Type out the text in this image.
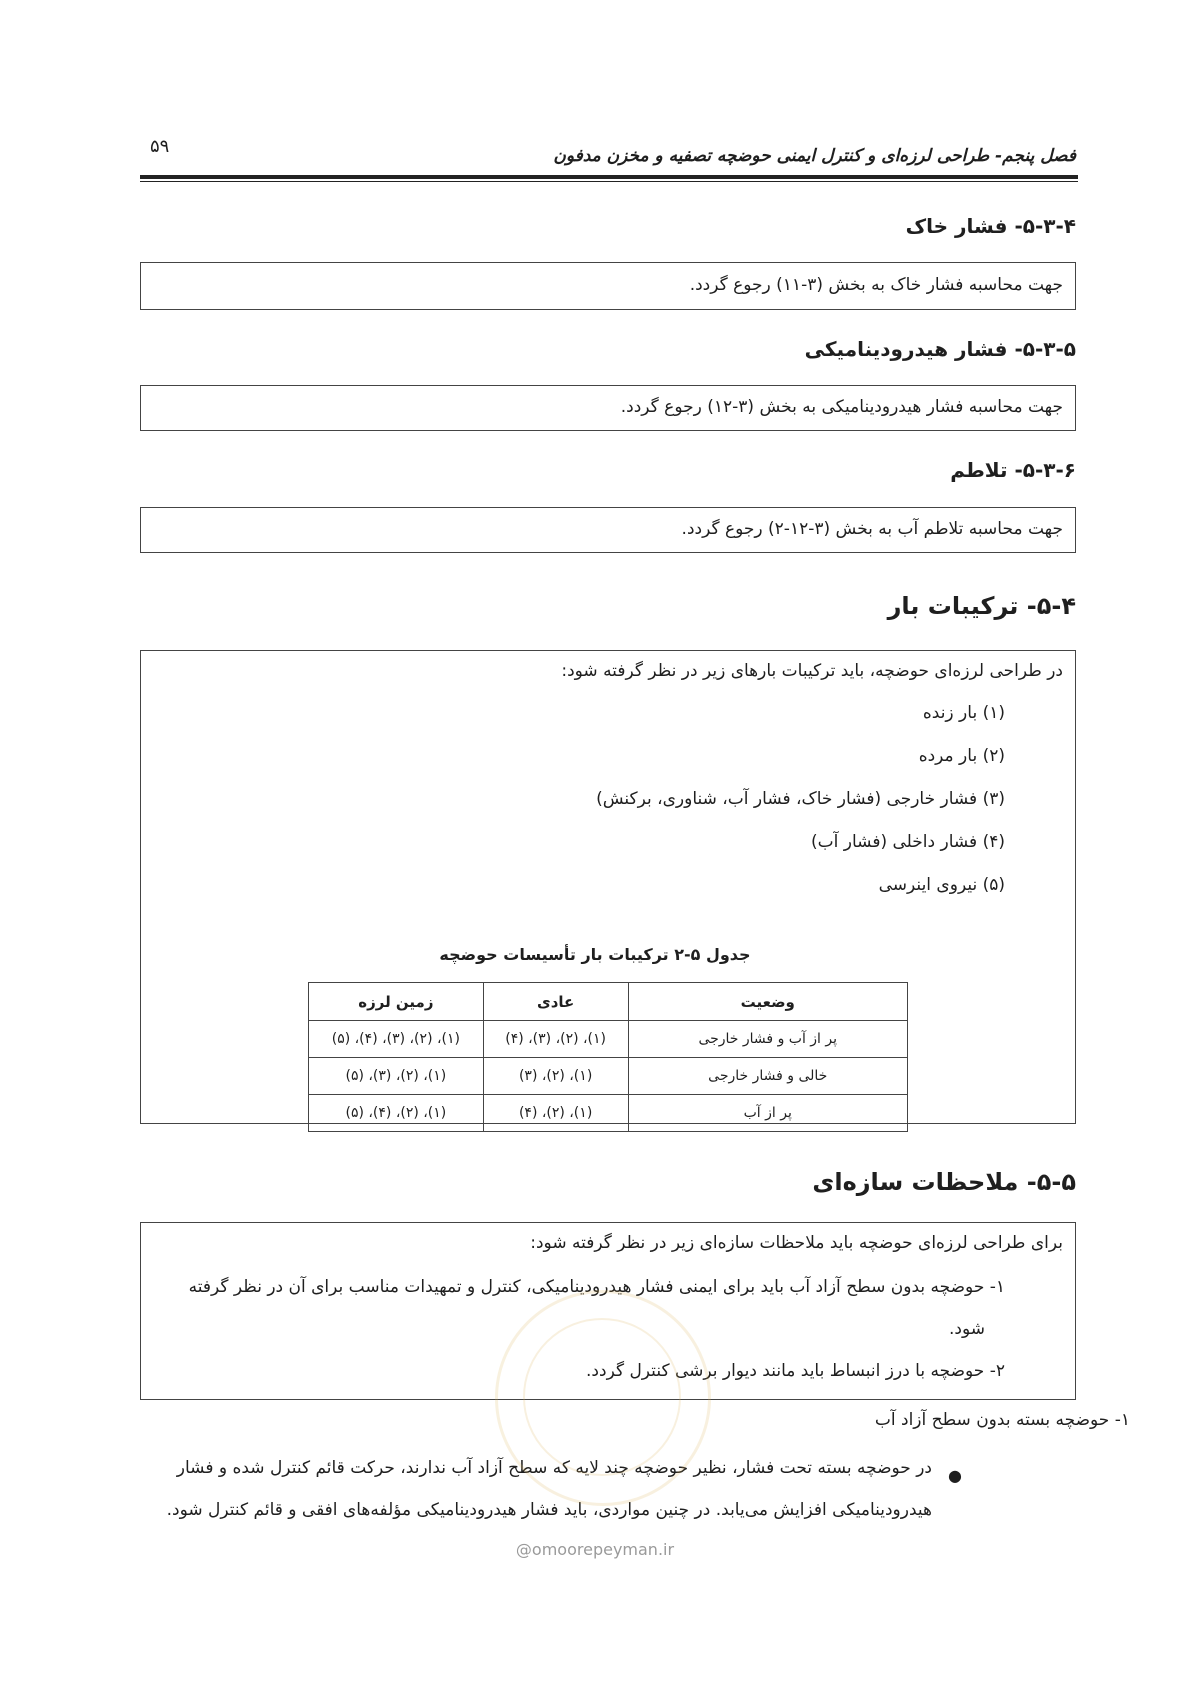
۵۹	فصل پنجم- طراحی لرزه‌ای و کنترل ایمنی حوضچه تصفیه و مخزن مدفون
۵-۳-۴- فشار خاک
جهت محاسبه فشار خاک به بخش (۳-۱۱) رجوع گردد.
۵-۳-۵- فشار هیدرودینامیکی
جهت محاسبه فشار هیدرودینامیکی به بخش (۳-۱۲) رجوع گردد.
۵-۳-۶- تلاطم
جهت محاسبه تلاطم آب به بخش (۳-۱۲-۲) رجوع گردد.
۵-۴- ترکیبات بار
در طراحی لرزه‌ای حوضچه، باید ترکیبات بارهای زیر در نظر گرفته شود:
(۱) بار زنده
(۲) بار مرده
(۳) فشار خارجی (فشار خاک، فشار آب، شناوری، برکنش)
(۴) فشار داخلی (فشار آب)
(۵) نیروی اینرسی
جدول ۵-۲ ترکیبات بار تأسیسات حوضچه
وضعیت	عادی	زمین لرزه
پر از آب و فشار خارجی	(۱)، (۲)، (۳)، (۴)	(۱)، (۲)، (۳)، (۴)، (۵)
خالی و فشار خارجی	(۱)، (۲)، (۳)	(۱)، (۲)، (۳)، (۵)
پر از آب	(۱)، (۲)، (۴)	(۱)، (۲)، (۴)، (۵)
۵-۵- ملاحظات سازه‌ای
برای طراحی لرزه‌ای حوضچه باید ملاحظات سازه‌ای زیر در نظر گرفته شود:
۱- حوضچه بدون سطح آزاد آب باید برای ایمنی فشار هیدرودینامیکی، کنترل و تمهیدات مناسب برای آن در نظر گرفته
شود.
۲- حوضچه با درز انبساط باید مانند دیوار برشی کنترل گردد.
۱- حوضچه بسته بدون سطح آزاد آب
●
در حوضچه بسته تحت فشار، نظیر حوضچه چند لایه که سطح آزاد آب ندارند، حرکت قائم کنترل شده و فشار
هیدرودینامیکی افزایش می‌یابد. در چنین مواردی، باید فشار هیدرودینامیکی مؤلفه‌های افقی و قائم کنترل شود.
@omoorepeyman.ir
